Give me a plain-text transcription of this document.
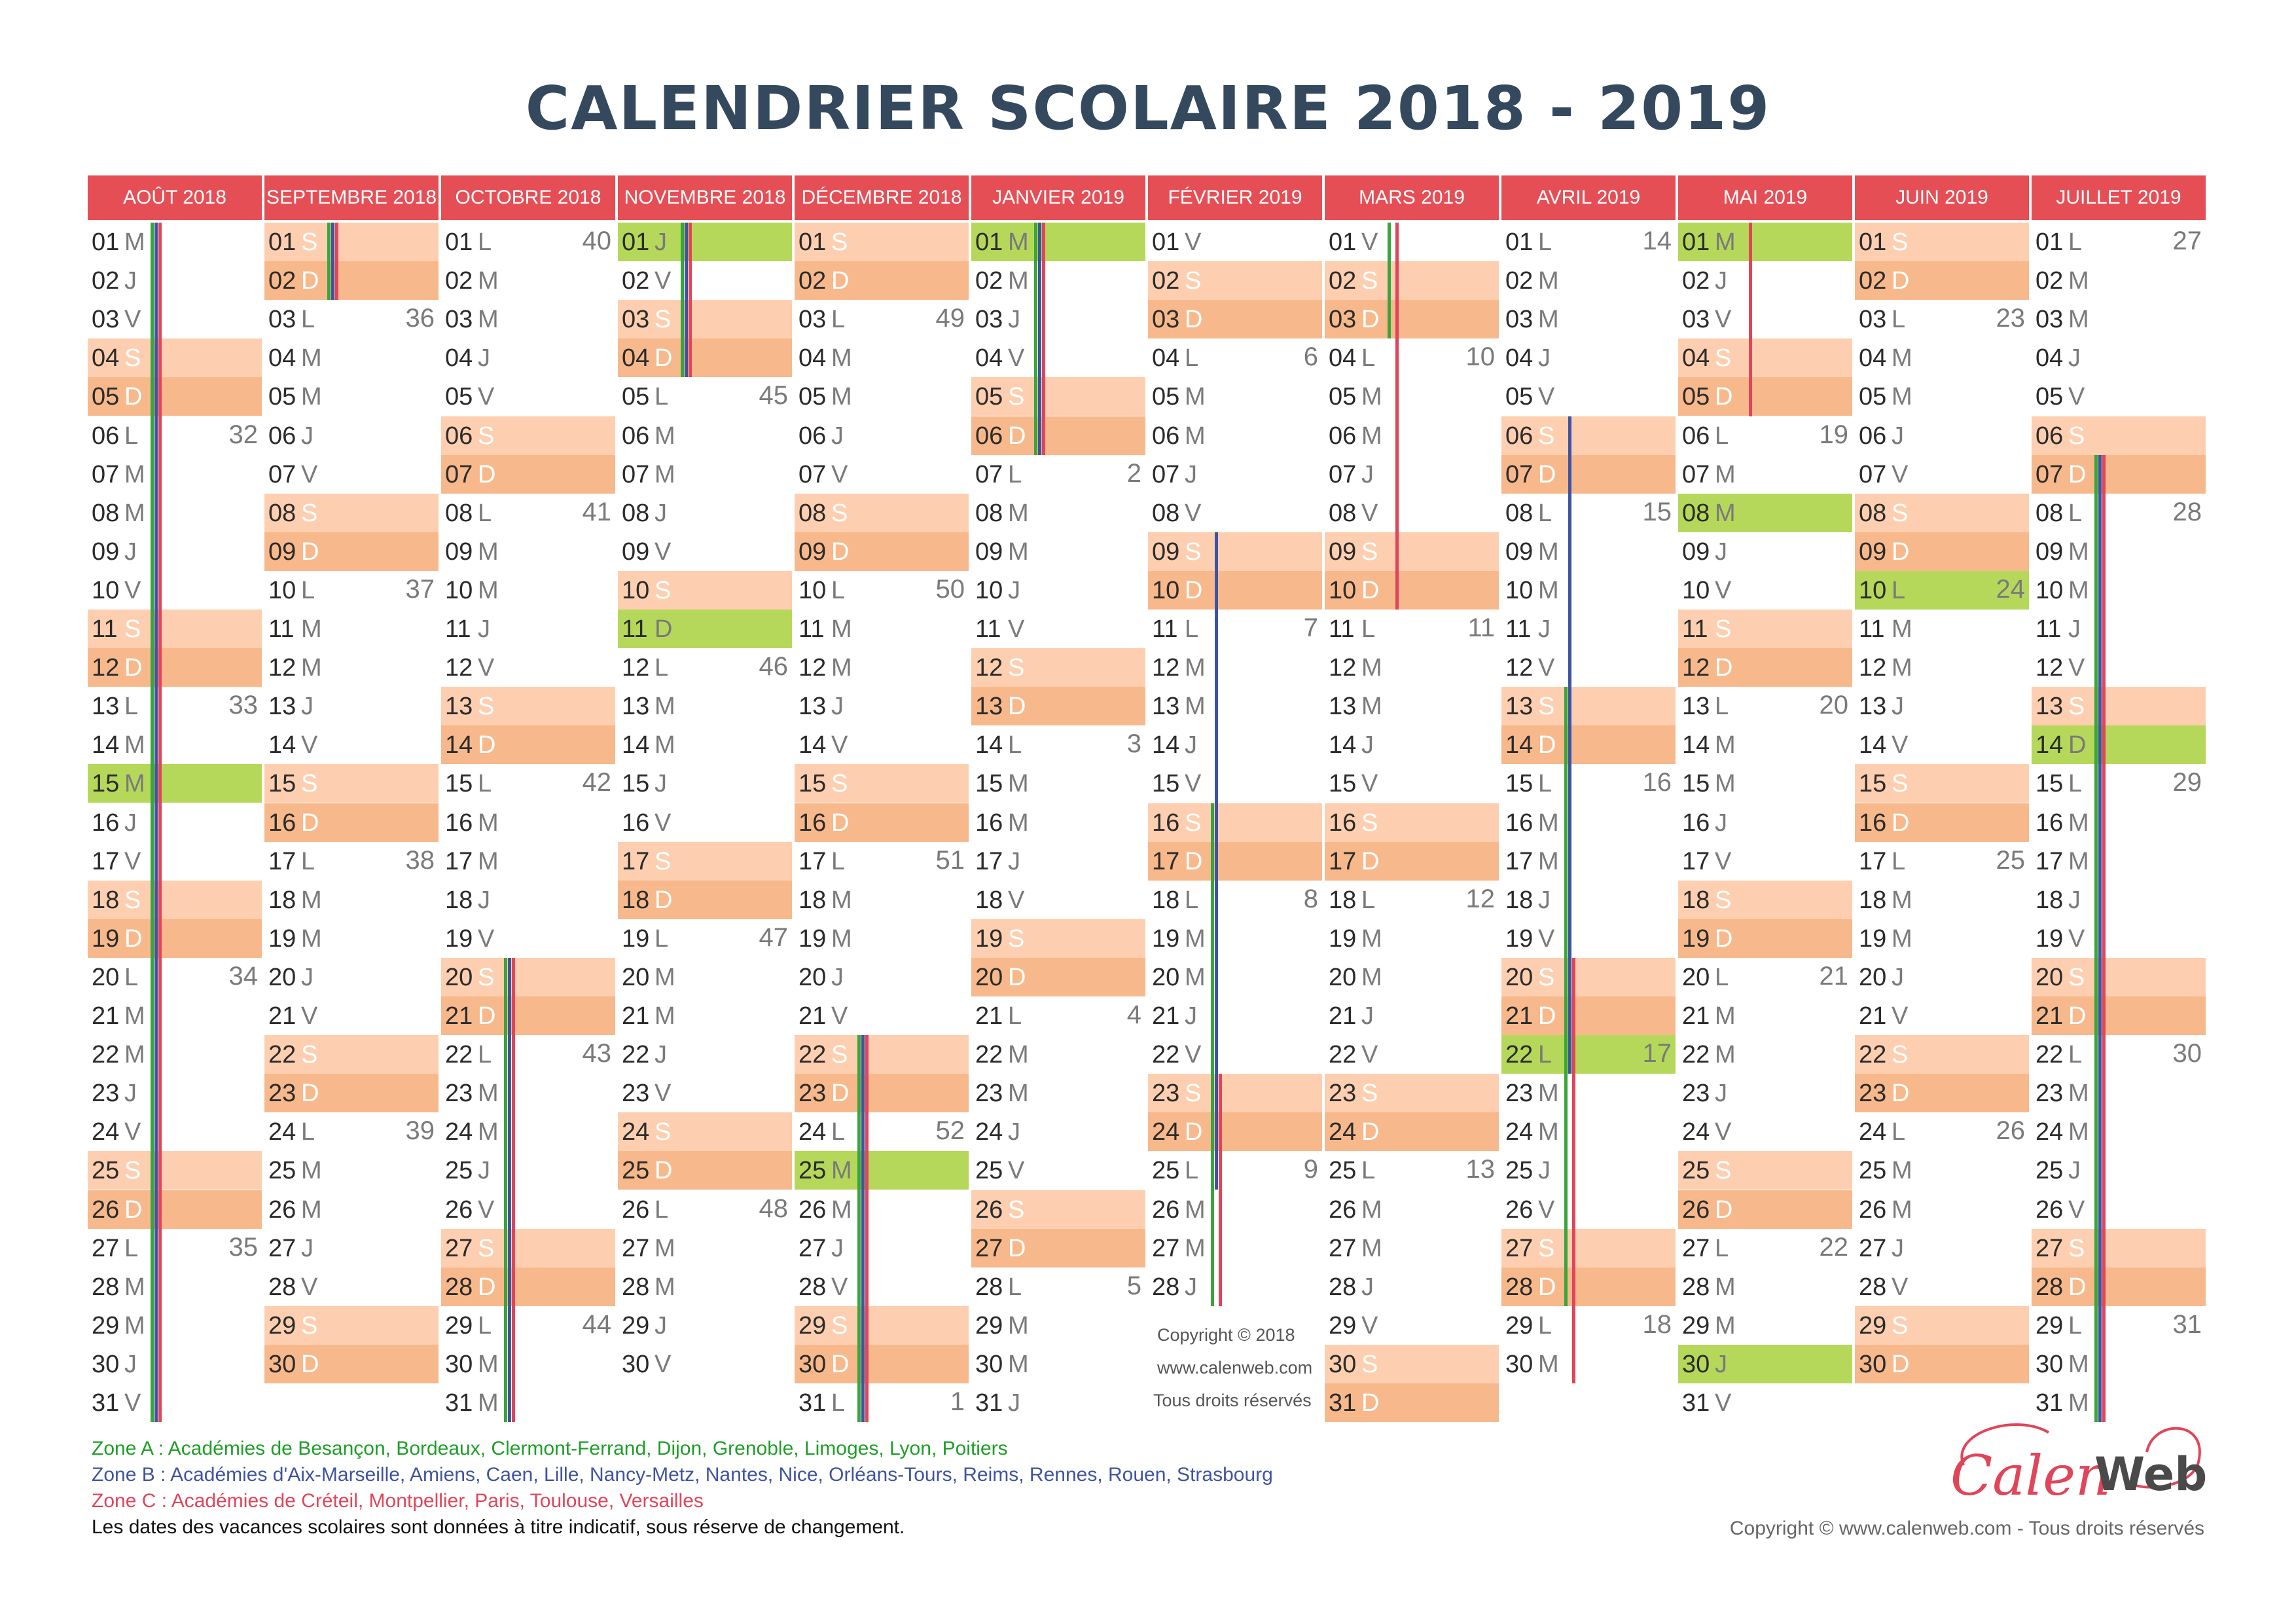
CALENDRIER SCOLAIRE 2018 - 2019
AOÛT 2018
01 M
02 J
03 V
04 S
05 D
06 L	32
07 M
08 M
09 J
10 V
11 S
12 D
13 L	33
14 M
15 M
16 J
17 V
18 S
19 D
20 L	34
21 M
22 M
23 J
24 V
25 S
26 D
27 L	35
28 M
29 M
30 J
31 V
SEPTEMBRE 2018
01 S
02 D
03 L	36
04 M
05 M
06 J
07 V
08 S
09 D
10 L	37
11 M
12 M
13 J
14 V
15 S
16 D
17 L	38
18 M
19 M
20 J
21 V
22 S
23 D
24 L	39
25 M
26 M
27 J
28 V
29 S
30 D
OCTOBRE 2018
01 L	40
02 M
03 M
04 J
05 V
06 S
07 D
08 L	41
09 M
10 M
11 J
12 V
13 S
14 D
15 L	42
16 M
17 M
18 J
19 V
20 S
21 D
22 L	43
23 M
24 M
25 J
26 V
27 S
28 D
29 L	44
30 M
31 M
NOVEMBRE 2018
01 J
02 V
03 S
04 D
05 L	45
06 M
07 M
08 J
09 V
10 S
11 D
12 L	46
13 M
14 M
15 J
16 V
17 S
18 D
19 L	47
20 M
21 M
22 J
23 V
24 S
25 D
26 L	48
27 M
28 M
29 J
30 V
DÉCEMBRE 2018
01 S
02 D
03 L	49
04 M
05 M
06 J
07 V
08 S
09 D
10 L	50
11 M
12 M
13 J
14 V
15 S
16 D
17 L	51
18 M
19 M
20 J
21 V
22 S
23 D
24 L	52
25 M
26 M
27 J
28 V
29 S
30 D
31 L	1
JANVIER 2019
01 M
02 M
03 J
04 V
05 S
06 D
07 L	2
08 M
09 M
10 J
11 V
12 S
13 D
14 L	3
15 M
16 M
17 J
18 V
19 S
20 D
21 L	4
22 M
23 M
24 J
25 V
26 S
27 D
28 L	5
29 M
30 M
31 J
FÉVRIER 2019
01 V
02 S
03 D
04 L	6
05 M
06 M
07 J
08 V
09 S
10 D
11 L	7
12 M
13 M
14 J
15 V
16 S
17 D
18 L	8
19 M
20 M
21 J
22 V
23 S
24 D
25 L	9
26 M
27 M
28 J
MARS 2019
01 V
02 S
03 D
04 L	10
05 M
06 M
07 J
08 V
09 S
10 D
11 L	11
12 M
13 M
14 J
15 V
16 S
17 D
18 L	12
19 M
20 M
21 J
22 V
23 S
24 D
25 L	13
26 M
27 M
28 J
29 V
30 S
31 D
AVRIL 2019
01 L	14
02 M
03 M
04 J
05 V
06 S
07 D
08 L	15
09 M
10 M
11 J
12 V
13 S
14 D
15 L	16
16 M
17 M
18 J
19 V
20 S
21 D
22 L	17
23 M
24 M
25 J
26 V
27 S
28 D
29 L	18
30 M
MAI 2019
01 M
02 J
03 V
04 S
05 D
06 L	19
07 M
08 M
09 J
10 V
11 S
12 D
13 L	20
14 M
15 M
16 J
17 V
18 S
19 D
20 L	21
21 M
22 M
23 J
24 V
25 S
26 D
27 L	22
28 M
29 M
30 J
31 V
JUIN 2019
01 S
02 D
03 L	23
04 M
05 M
06 J
07 V
08 S
09 D
10 L	24
11 M
12 M
13 J
14 V
15 S
16 D
17 L	25
18 M
19 M
20 J
21 V
22 S
23 D
24 L	26
25 M
26 M
27 J
28 V
29 S
30 D
JUILLET 2019
01 L	27
02 M
03 M
04 J
05 V
06 S
07 D
08 L	28
09 M
10 M
11 J
12 V
13 S
14 D
15 L	29
16 M
17 M
18 J
19 V
20 S
21 D
22 L	30
23 M
24 M
25 J
26 V
27 S
28 D
29 L	31
30 M
31 M
Copyright © 2018
www.calenweb.com
Tous droits réservés
Zone A : Académies de Besançon, Bordeaux, Clermont-Ferrand, Dijon, Grenoble, Limoges, Lyon, Poitiers
Zone B : Académies d'Aix-Marseille, Amiens, Caen, Lille, Nancy-Metz, Nantes, Nice, Orléans-Tours, Reims, Rennes, Rouen, Strasbourg
Zone C : Académies de Créteil, Montpellier, Paris, Toulouse, Versailles
Les dates des vacances scolaires sont données à titre indicatif, sous réserve de changement.
Calen
Web
Copyright © www.calenweb.com - Tous droits réservés
